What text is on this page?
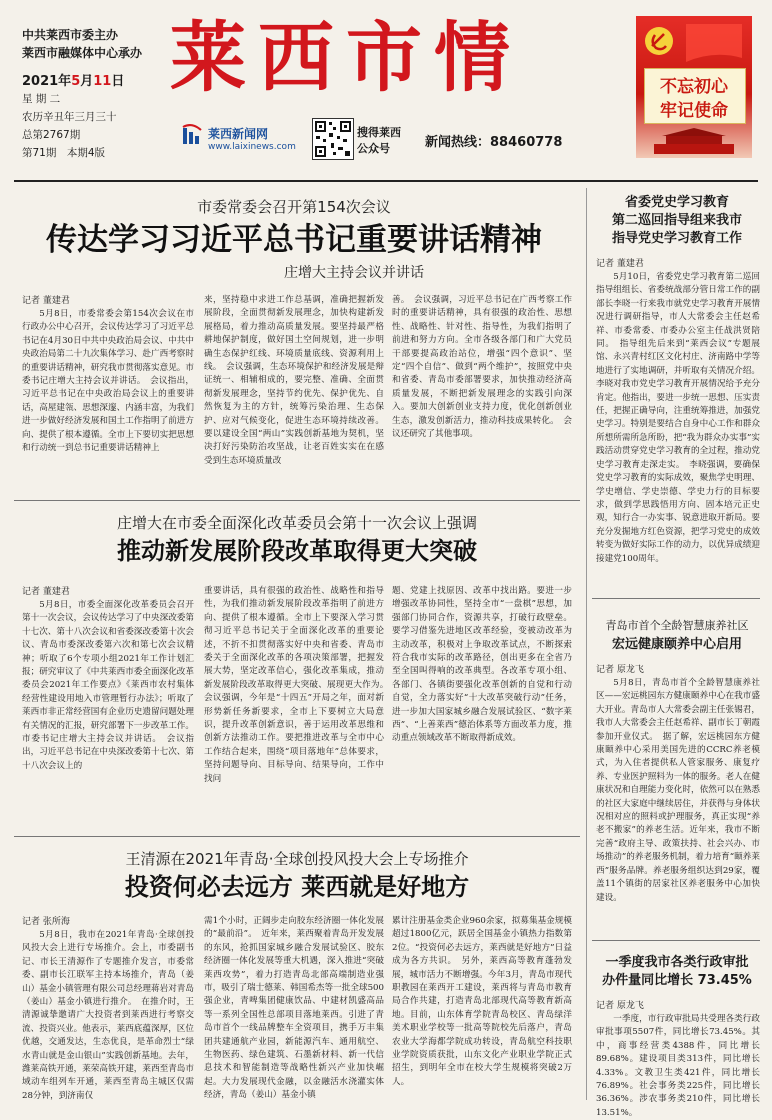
中共莱西市委主办
莱西市融媒体中心承办
2021年5月11日
星 期 二
农历辛丑年三月三十
总第2767期
第71期　本期4版
莱西市情
莱西新闻网
www.laixinews.com
搜得莱西
公众号	新闻热线：88460778
不忘初心
牢记使命
市委常委会召开第154次会议
传达学习习近平总书记重要讲话精神
庄增大主持会议并讲话
记者 董建君
5月8日，市委常委会第154次会议在市行政办公中心召开，会议传达学习了习近平总书记在4月30日中共中央政治局会议、中共中央政治局第二十九次集体学习、赴广西考察时的重要讲话精神，研究我市贯彻落实意见。市委书记庄增大主持会议并讲话。　会议指出，习近平总书记在中央政治局会议上的重要讲话，高屋建瓴、思想深邃、内涵丰富，为我们进一步做好经济发展和国土工作指明了前进方向、提供了根本遵循。全市上下要切实把思想和行动统一到总书记重要讲话精神上
来，坚持稳中求进工作总基调，准确把握新发展阶段，全面贯彻新发展理念，加快构建新发展格局，着力推动高质量发展。要坚持最严格耕地保护制度，做好国土空间规划，进一步明确生态保护红线、环境质量底线、资源利用上线。　会议强调，生态环境保护和经济发展是辩证统一、相辅相成的，要完整、准确、全面贯彻新发展理念，坚持节约优先、保护优先、自然恢复为主的方针，统筹污染治理、生态保护、应对气候变化，促进生态环境持续改善。要以建设全国“两山”实践创新基地为契机，坚决打好污染防治攻坚战，让老百姓实实在在感受到生态环境质量改
善。　会议强调，习近平总书记在广西考察工作时的重要讲话精神，具有很强的政治性、思想性、战略性、针对性、指导性，为我们指明了前进和努力方向。全市各级各部门和广大党员干部要提高政治站位，增强“四个意识”、坚定“四个自信”、做到“两个维护”，按照党中央和省委、青岛市委部署要求，加快推动经济高质量发展，不断把新发展理念的实践引向深入。要加大创新创业支持力度，优化创新创业生态，激发创新活力，推动科技成果转化。　会议还研究了其他事项。
庄增大在市委全面深化改革委员会第十一次会议上强调
推动新发展阶段改革取得更大突破
记者 董建君
5月8日，市委全面深化改革委员会召开第十一次会议，会议传达学习了中央深改委第十七次、第十八次会议和省委深改委第十次会议、青岛市委深改委第六次和第七次会议精神；听取了6个专项小组2021年工作计划汇报；研究审议了《中共莱西市委全面深化改革委员会2021年工作要点》《莱西市农村集体经营性建设用地入市管理暂行办法》；听取了莱西市非正常经营国有企业历史遗留问题处理有关情况的汇报，研究部署下一步改革工作。市委书记庄增大主持会议并讲话。　会议指出，习近平总书记在中央深改委第十七次、第十八次会议上的
重要讲话，具有很强的政治性、战略性和指导性，为我们推动新发展阶段改革指明了前进方向、提供了根本遵循。全市上下要深入学习贯彻习近平总书记关于全面深化改革的重要论述，不折不扣贯彻落实好中央和省委、青岛市委关于全面深化改革的各项决策部署，把握发展大势，坚定改革信心，强化改革集成，推动新发展阶段改革取得更大突破、展现更大作为。　会议强调，今年是“十四五”开局之年，面对新形势新任务新要求，全市上下要树立大局意识，提升改革创新意识，善于运用改革思维和创新方法推动工作。要把推进改革与全市中心工作结合起来，围绕“项目落地年”总体要求，坚持问题导向、目标导向、结果导向，工作中找问
题、党建上找原因、改革中找出路。要进一步增强改革协同性，坚持全市“一盘棋”思想，加强部门协同合作，资源共享，打破行政壁垒。要学习借鉴先进地区改革经验，变被动改革为主动改革，积极对上争取改革试点，不断探索符合我市实际的改革路径，创出更多在全省乃至全国叫得响的改革典型。各改革专项小组、各部门、各镇街要强化改革创新的自觉和行动自觉，全力落实好“十大改革突破行动”任务，进一步加大国家城乡融合发展试验区、“数字莱西”、“上善莱西”德治体系等方面改革力度，推动重点领域改革不断取得新成效。
王清源在2021年青岛·全球创投风投大会上专场推介
投资何必去远方 莱西就是好地方
记者 张所海
5月8日，我市在2021年青岛·全球创投风投大会上进行专场推介。会上，市委副书记、市长王清源作了专题推介发言，市委常委、副市长江联军主持本场推介，青岛（姜山）基金小镇管理有限公司总经理蒋岩对青岛（姜山）基金小镇进行推介。　在推介时，王清源诚挚邀请广大投资者到莱西进行考察交流、投资兴业。他表示，莱西底蕴深厚，区位优越，交通发达，生态优良，是革命烈士“绿水青山就是金山银山”实践创新基地。去年，潍莱高铁开通，莱荣高铁开建，莱西至青岛市域动车组列车开通，莱西至青岛主城区仅需28分钟，到济南仅
需1个小时，正阔步走向胶东经济圈一体化发展的“最前沿”。　近年来，莱西聚着青岛开发发展的东风，抢抓国家城乡融合发展试验区、胶东经济圈一体化发展等重大机遇，深入推进“突破莱西攻势”，着力打造青岛北部高端制造业强市，吸引了瑞士德莱、韩国希杰等一批全球500强企业，青啤集团健康饮品、中建材凯盛高品等一系列全国性总部项目落地莱西。引进了青岛市首个一线品牌整车全资项目，携手万丰集团共建通航产业园，新能源汽车、通用航空、生物医药、绿色建筑、石墨新材料、新一代信息技术和智能制造等战略性新兴产业加快崛起。大力发展现代金融，以金融活水浇灌实体经济，青岛（姜山）基金小镇
累计注册基金类企业960余家，拟募集基金规模超过1800亿元，跃居全国基金小镇热力指数第2位。“投资何必去远方，莱西就是好地方”日益成为各方共识。　另外，莱西高等教育蓬勃发展，城市活力不断增强。今年3月，青岛市现代职教园在莱西开工建设，莱西将与青岛市教育局合作共建，打造青岛北部现代高等教育新高地。目前，山东体育学院青岛校区、青岛绿洋美术职业学校等一批高等院校先后落户，青岛农业大学海都学院成功转设，青岛航空科技职业学院资质获批，山东文化产业职业学院正式招生，到明年全市在校大学生规模将突破2万人。
省委党史学习教育
第二巡回指导组来我市
指导党史学习教育工作
记者 董建君
5月10日，省委党史学习教育第二巡回指导组组长、省委统战部分管日常工作的副部长李晓一行来我市就党史学习教育开展情况进行调研指导，市人大常委会主任赵希祥、市委常委、市委办公室主任战洪贤陪同。　指导组先后来到“莱西会议”专题展馆、永兴青村红区文化村庄、济南路中学等地进行了实地调研，并听取有关情况介绍。李晓对我市党史学习教育开展情况给予充分肯定。他指出，要进一步统一思想、压实责任，把握正确导向，注重统筹推进，加强党史学习。特别是要结合自身中心工作和群众所想所需所急所盼，把“我为群众办实事”实践活动贯穿党史学习教育的全过程，推动党史学习教育走深走实。　李晓强调，要确保党史学习教育的实际成效，聚焦学史明理、学史增信、学史崇德、学史力行的目标要求，做到学思践悟用方向、固本培元正史观，知行合一办实事、锐意进取开新局。要充分发掘地方红色资源，把学习党史的成效转变为做好实际工作的动力，以优异成绩迎接建党100周年。
青岛市首个全龄智慧康养社区
宏远健康颐养中心启用
记者 原龙飞
5月8日，青岛市首个全龄智慧康养社区——宏远桃园东方健康颐养中心在我市盛大开业。青岛市人大常委会副主任张锡君，我市人大常委会主任赵希祥、副市长丁朝霞参加开业仪式。　据了解，宏远桃园东方健康颐养中心采用美国先进的CCRC养老模式，为入住者提供私人管家服务、康复疗养、专业医护照料为一体的服务。老人在健康状况和自理能力变化时，依然可以在熟悉的社区大家庭中继续居住，并获得与身体状况相对应的照料或护理服务，真正实现“养老不搬家”的养老生活。近年来，我市不断完善“政府主导、政策扶持、社会兴办、市场推动”的养老服务机制，着力培育“颐养莱西”服务品牌。养老服务组织达到29家，覆盖11个镇街的居家社区养老服务中心加快建设。
一季度我市各类行政审批
办件量同比增长 73.45%
记者 原龙飞
一季度，市行政审批局共受理各类行政审批事项5507件，同比增长73.45%。其中，商事经营类4388件，同比增长89.68%。建设项目类313件，同比增长4.33%。文教卫生类421件，同比增长76.89%。社会事务类225件，同比增长36.36%。涉农事务类210件，同比增长13.51%。
